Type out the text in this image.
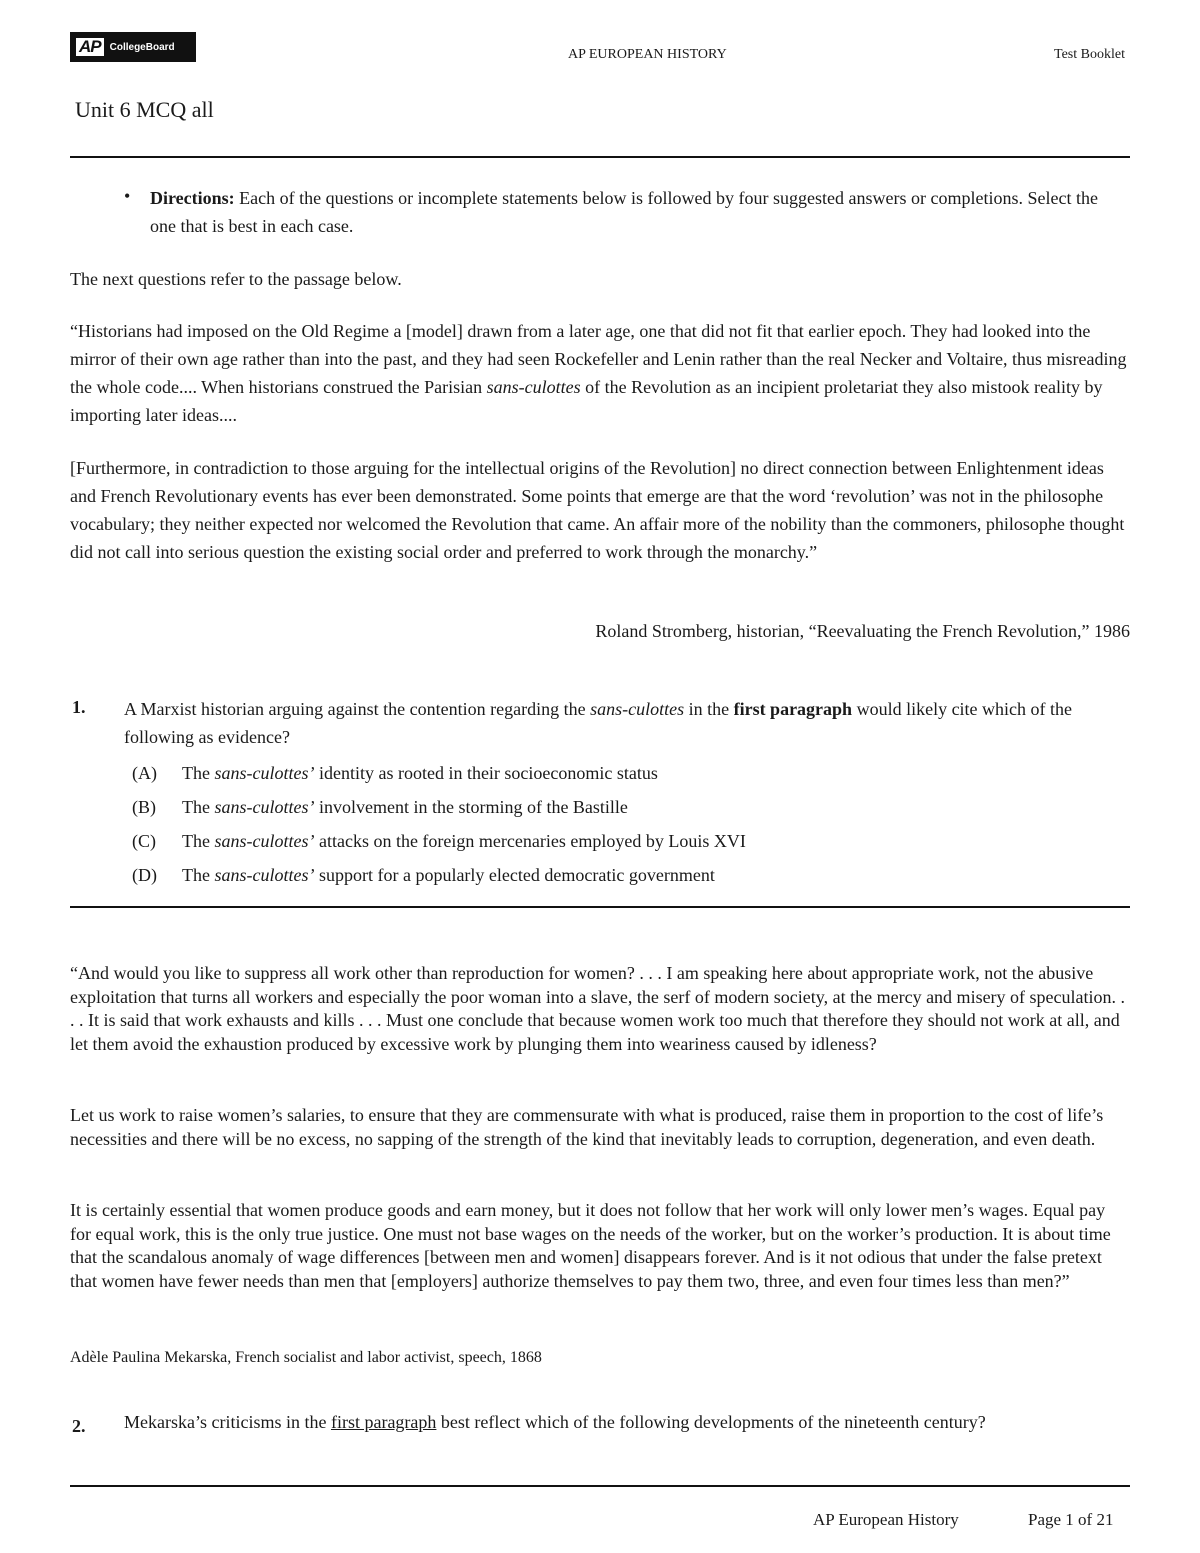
AP CollegeBoard	AP EUROPEAN HISTORY	Test Booklet
Unit 6 MCQ all
• Directions: Each of the questions or incomplete statements below is followed by four suggested answers or completions. Select the one that is best in each case.

The next questions refer to the passage below.

“Historians had imposed on the Old Regime a [model] drawn from a later age, one that did not fit that earlier epoch. They had looked into the mirror of their own age rather than into the past, and they had seen Rockefeller and Lenin rather than the real Necker and Voltaire, thus misreading the whole code.... When historians construed the Parisian sans-culottes of the Revolution as an incipient proletariat they also mistook reality by importing later ideas....

[Furthermore, in contradiction to those arguing for the intellectual origins of the Revolution] no direct connection between Enlightenment ideas and French Revolutionary events has ever been demonstrated. Some points that emerge are that the word ‘revolution’ was not in the philosophe vocabulary; they neither expected nor welcomed the Revolution that came. An affair more of the nobility than the commoners, philosophe thought did not call into serious question the existing social order and preferred to work through the monarchy.”

Roland Stromberg, historian, “Reevaluating the French Revolution,” 1986

1. A Marxist historian arguing against the contention regarding the sans-culottes in the first paragraph would likely cite which of the following as evidence?
(A) The sans-culottes’ identity as rooted in their socioeconomic status
(B) The sans-culottes’ involvement in the storming of the Bastille
(C) The sans-culottes’ attacks on the foreign mercenaries employed by Louis XVI
(D) The sans-culottes’ support for a popularly elected democratic government

“And would you like to suppress all work other than reproduction for women? . . . I am speaking here about appropriate work, not the abusive exploitation that turns all workers and especially the poor woman into a slave, the serf of modern society, at the mercy and misery of speculation. . . . It is said that work exhausts and kills . . . Must one conclude that because women work too much that therefore they should not work at all, and let them avoid the exhaustion produced by excessive work by plunging them into weariness caused by idleness?

Let us work to raise women’s salaries, to ensure that they are commensurate with what is produced, raise them in proportion to the cost of life’s necessities and there will be no excess, no sapping of the strength of the kind that inevitably leads to corruption, degeneration, and even death.

It is certainly essential that women produce goods and earn money, but it does not follow that her work will only lower men’s wages. Equal pay for equal work, this is the only true justice. One must not base wages on the needs of the worker, but on the worker’s production. It is about time that the scandalous anomaly of wage differences [between men and women] disappears forever. And is it not odious that under the false pretext that women have fewer needs than men that [employers] authorize themselves to pay them two, three, and even four times less than men?”

Adèle Paulina Mekarska, French socialist and labor activist, speech, 1868

2. Mekarska’s criticisms in the first paragraph best reflect which of the following developments of the nineteenth century?
AP European History	Page 1 of 21
